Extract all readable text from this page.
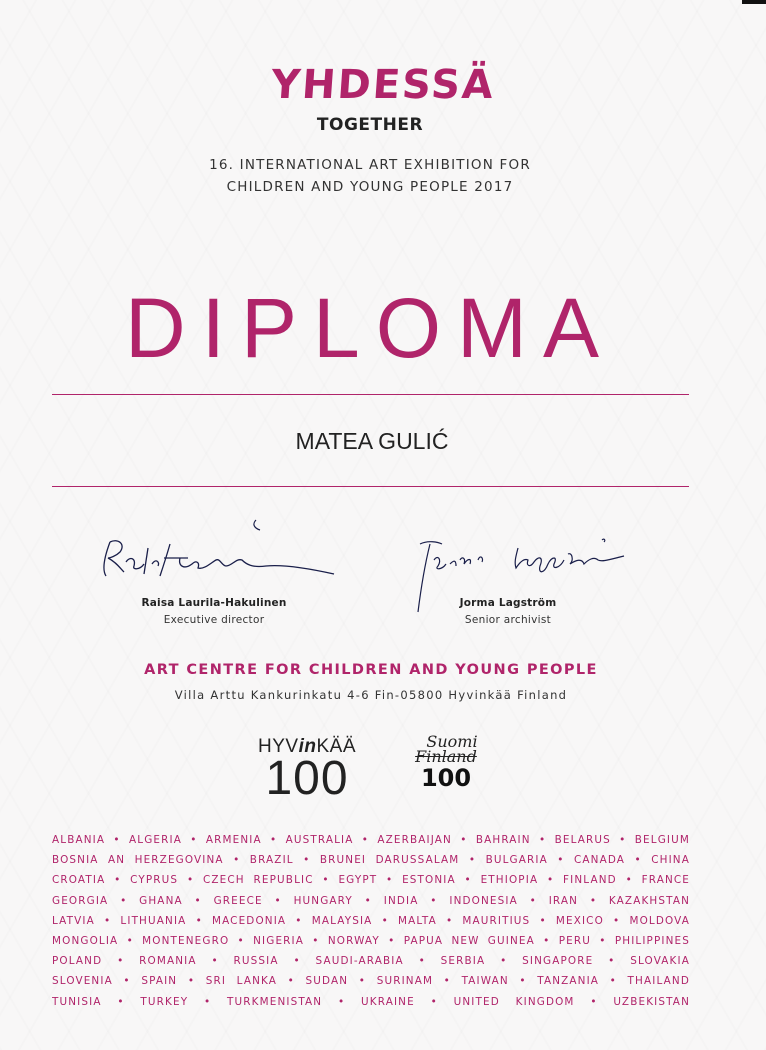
YHDESSÄ
TOGETHER
16. INTERNATIONAL ART EXHIBITION FOR
CHILDREN AND YOUNG PEOPLE 2017
DIPLOMA
MATEA GULIĆ
Raisa Laurila-Hakulinen
Executive director
Jorma Lagström
Senior archivist
ART CENTRE FOR CHILDREN AND YOUNG PEOPLE
Villa Arttu Kankurinkatu 4-6 Fin-05800 Hyvinkää Finland
HYVinKÄÄ
100
Suomi
Finland
100
ALBANIA • ALGERIA • ARMENIA • AUSTRALIA • AZERBAIJAN • BAHRAIN • BELARUS • BELGIUM
BOSNIA AN HERZEGOVINA • BRAZIL • BRUNEI DARUSSALAM • BULGARIA • CANADA • CHINA
CROATIA • CYPRUS • CZECH REPUBLIC • EGYPT • ESTONIA • ETHIOPIA • FINLAND • FRANCE
GEORGIA • GHANA • GREECE • HUNGARY • INDIA • INDONESIA • IRAN • KAZAKHSTAN
LATVIA • LITHUANIA • MACEDONIA • MALAYSIA • MALTA • MAURITIUS • MEXICO • MOLDOVA
MONGOLIA • MONTENEGRO • NIGERIA • NORWAY • PAPUA NEW GUINEA • PERU • PHILIPPINES
POLAND • ROMANIA • RUSSIA • SAUDI-ARABIA • SERBIA • SINGAPORE • SLOVAKIA
SLOVENIA • SPAIN • SRI LANKA • SUDAN • SURINAM • TAIWAN • TANZANIA • THAILAND
TUNISIA • TURKEY • TURKMENISTAN • UKRAINE • UNITED KINGDOM • UZBEKISTAN
